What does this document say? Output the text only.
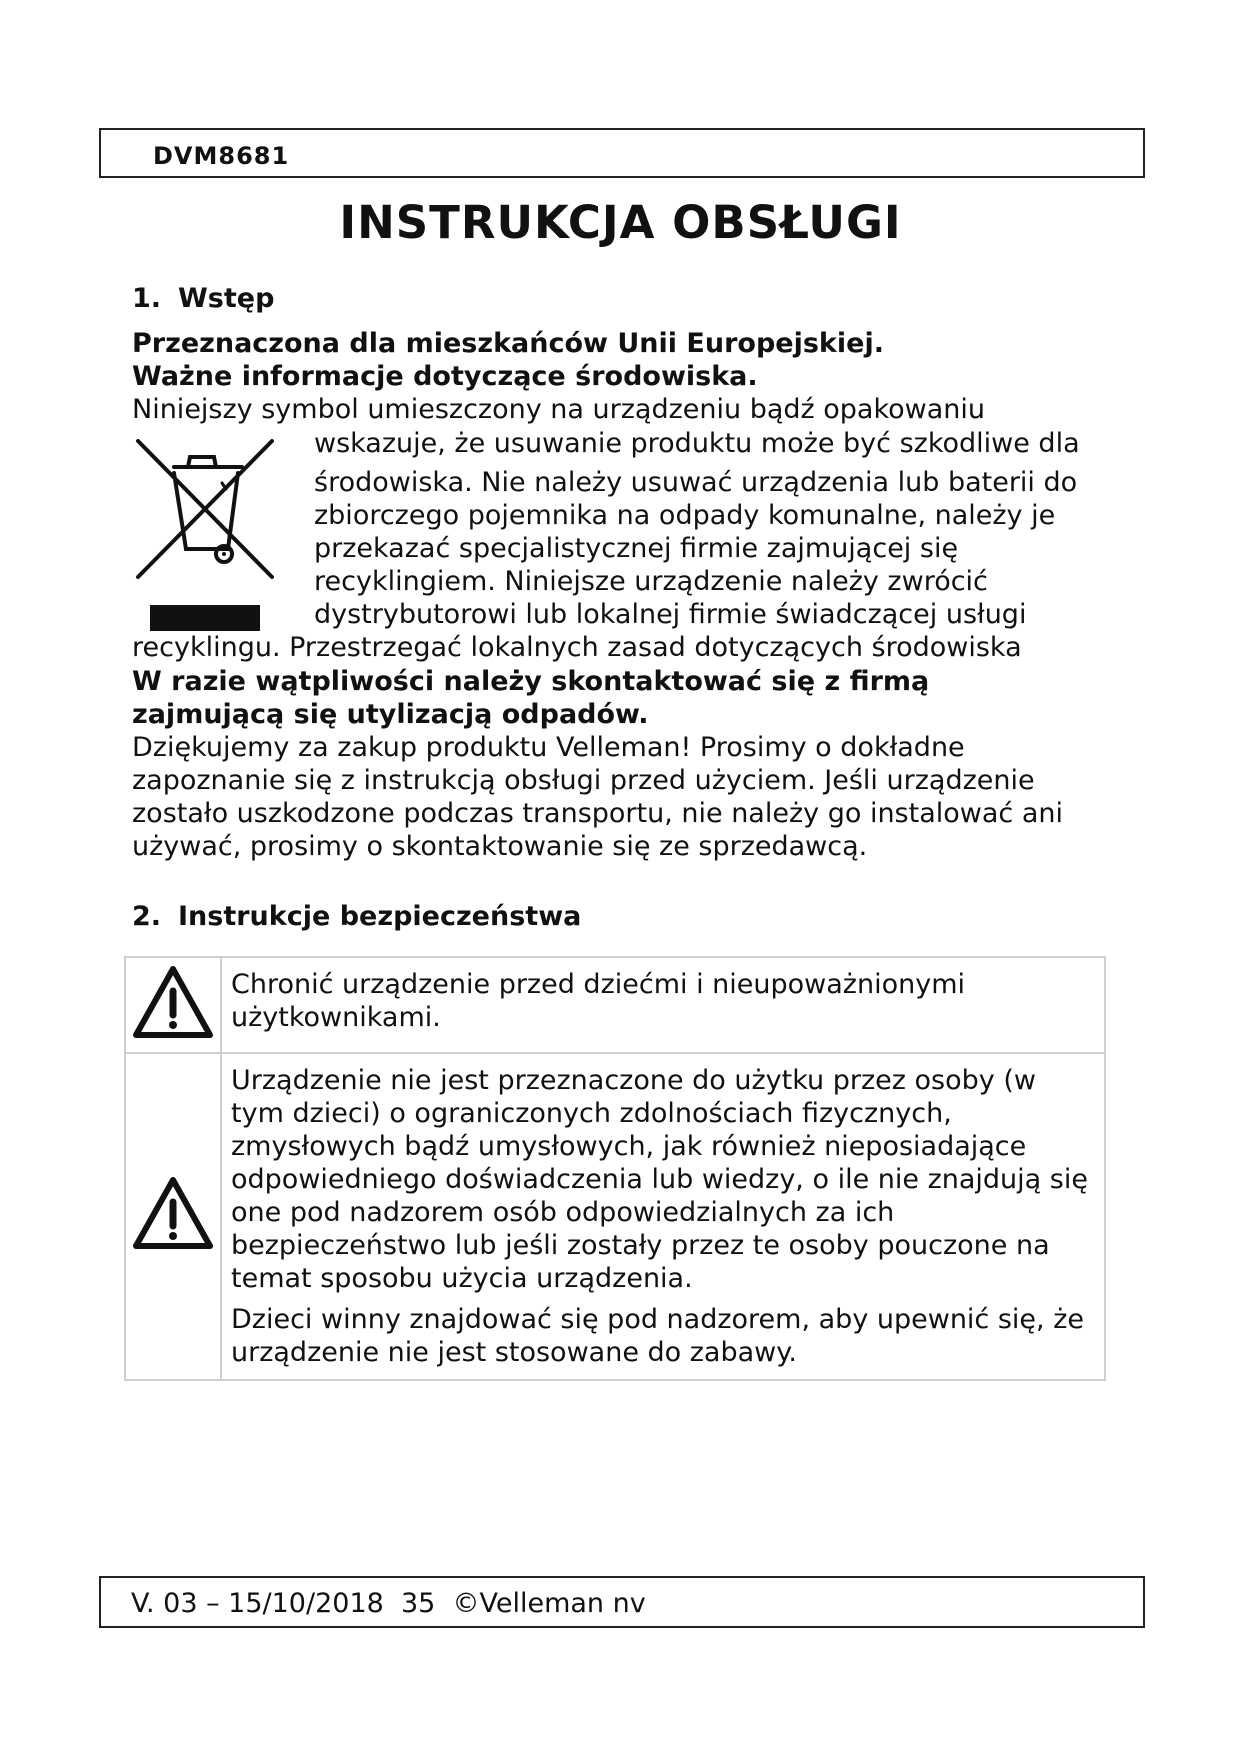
DVM8681
INSTRUKCJA OBSŁUGI
1. Wstęp
Przeznaczona dla mieszkańców Unii Europejskiej.
Ważne informacje dotyczące środowiska.
Niniejszy symbol umieszczony na urządzeniu bądź opakowaniu
wskazuje, że usuwanie produktu może być szkodliwe dla
środowiska. Nie należy usuwać urządzenia lub baterii do
zbiorczego pojemnika na odpady komunalne, należy je
przekazać specjalistycznej firmie zajmującej się
recyklingiem. Niniejsze urządzenie należy zwrócić
dystrybutorowi lub lokalnej firmie świadczącej usługi
recyklingu. Przestrzegać lokalnych zasad dotyczących środowiska
W razie wątpliwości należy skontaktować się z firmą
zajmującą się utylizacją odpadów.
Dziękujemy za zakup produktu Velleman! Prosimy o dokładne
zapoznanie się z instrukcją obsługi przed użyciem. Jeśli urządzenie
zostało uszkodzone podczas transportu, nie należy go instalować ani
używać, prosimy o skontaktowanie się ze sprzedawcą.
2. Instrukcje bezpieczeństwa

Chronić urządzenie przed dziećmi i nieupoważnionymi użytkownikami.

Urządzenie nie jest przeznaczone do użytku przez osoby (w tym dzieci) o ograniczonych zdolnościach fizycznych, zmysłowych bądź umysłowych, jak również nieposiadające odpowiedniego doświadczenia lub wiedzy, o ile nie znajdują się one pod nadzorem osób odpowiedzialnych za ich bezpieczeństwo lub jeśli zostały przez te osoby pouczone na temat sposobu użycia urządzenia.

Dzieci winny znajdować się pod nadzorem, aby upewnić się, że urządzenie nie jest stosowane do zabawy.

V. 03 – 15/10/2018  35  ©Velleman nv
